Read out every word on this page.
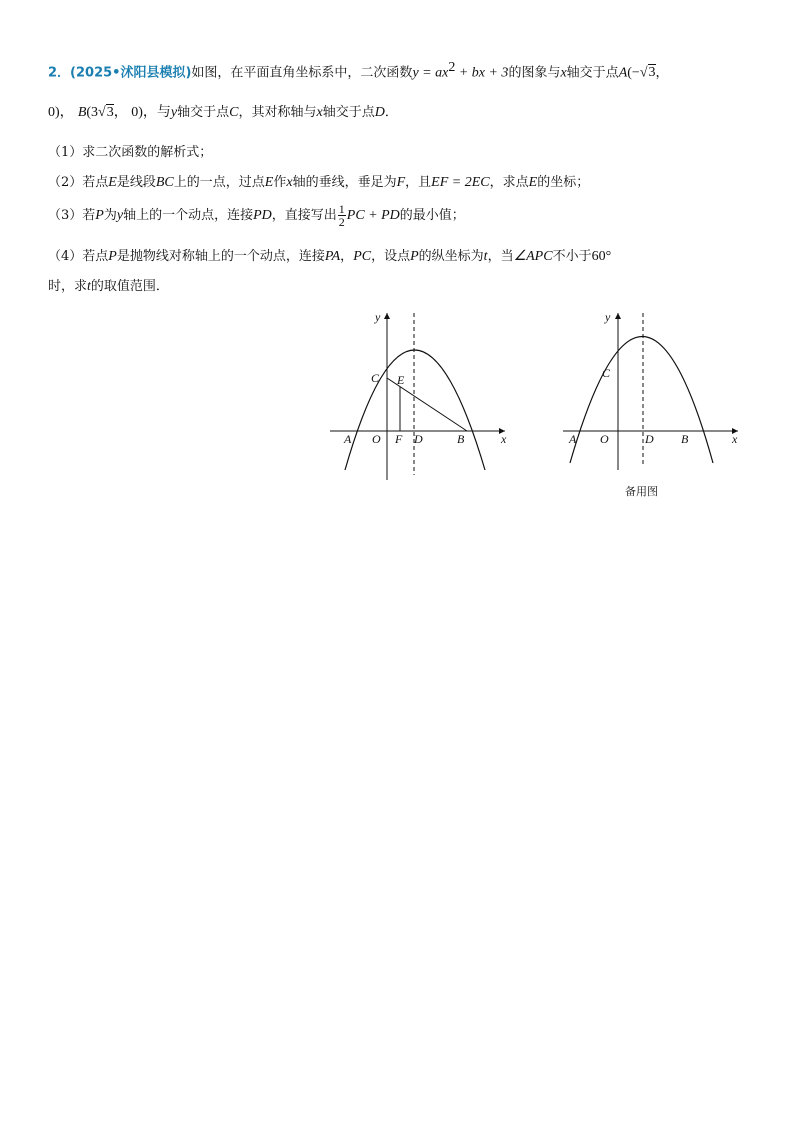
2．(2025•沭阳县模拟)如图，在平面直角坐标系中，二次函数$y = ax^2$ + bx + 3的图象与x轴交于点A(−√3，
0)， B(3√3， 0)，与y轴交于点C，其对称轴与x轴交于点D．
（1）求二次函数的解析式；
（2）若点E是线段BC上的一点，过点E作x轴的垂线，垂足为F，且EF = 2EC，求点E的坐标；
（3）若P为y轴上的一个动点，连接PD，直接写出 $\frac{1}{2}$ PC + PD的最小值；
（4）若点P是抛物线对称轴上的一个动点，连接PA，PC，设点P的纵坐标为t，当∠APC不小于60°
时，求t的取值范围．
y
x
C E
A O F D	B
y
x
C
A O	D B
备用图
